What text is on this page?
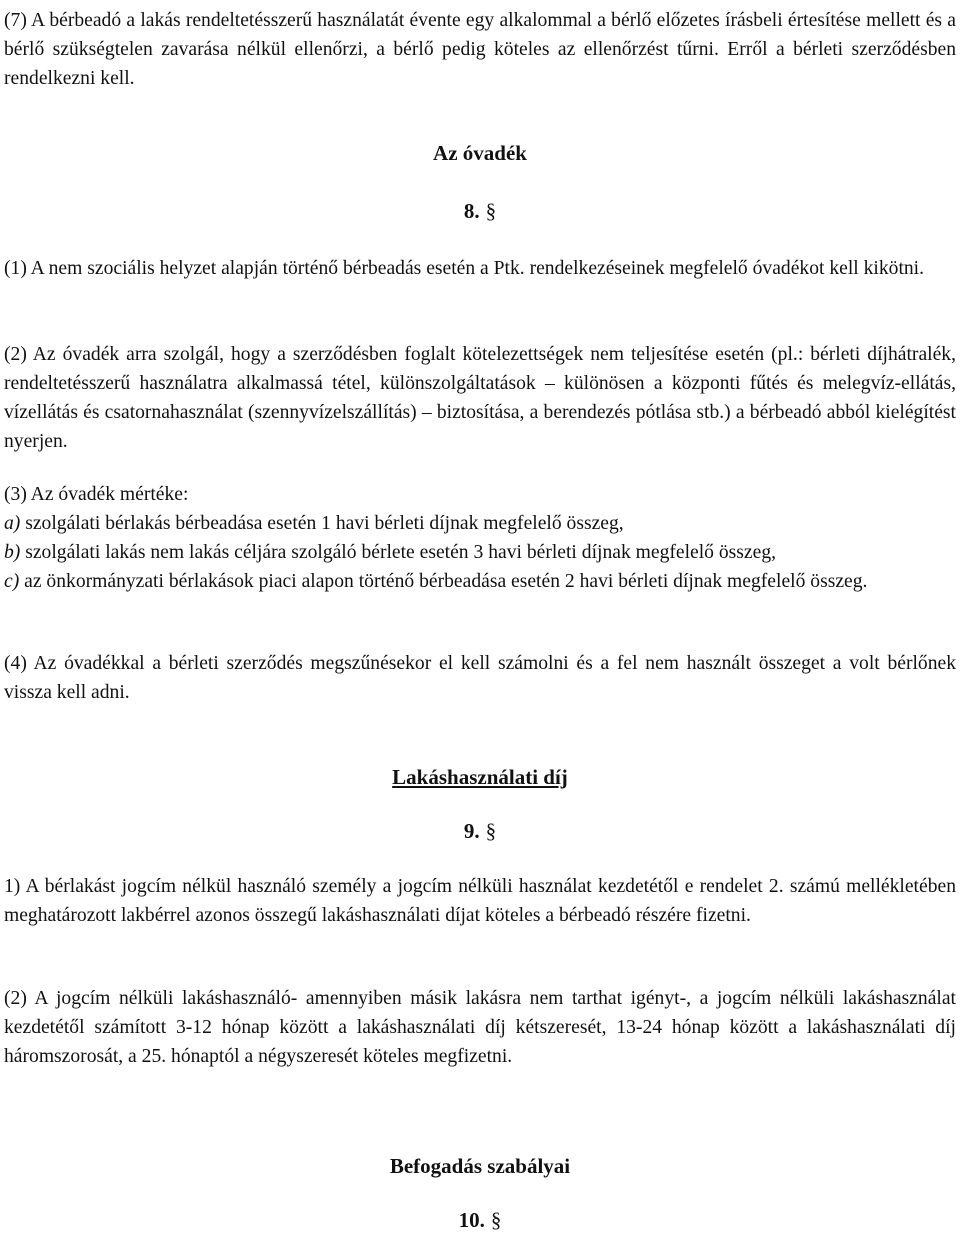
(7) A bérbeadó a lakás rendeltetésszerű használatát évente egy alkalommal a bérlő előzetes írásbeli értesítése mellett és a bérlő szükségtelen zavarása nélkül ellenőrzi, a bérlő pedig köteles az ellenőrzést tűrni. Erről a bérleti szerződésben rendelkezni kell.

Az óvadék
8. §

(1) A nem szociális helyzet alapján történő bérbeadás esetén a Ptk. rendelkezéseinek megfelelő óvadékot kell kikötni.

(2) Az óvadék arra szolgál, hogy a szerződésben foglalt kötelezettségek nem teljesítése esetén (pl.: bérleti díjhátralék, rendeltetésszerű használatra alkalmassá tétel, különszolgáltatások – különösen a központi fűtés és melegvíz-ellátás, vízellátás és csatornahasználat (szennyvízelszállítás) – biztosítása, a berendezés pótlása stb.) a bérbeadó abból kielégítést nyerjen.

(3) Az óvadék mértéke:

a) szolgálati bérlakás bérbeadása esetén 1 havi bérleti díjnak megfelelő összeg,

b) szolgálati lakás nem lakás céljára szolgáló bérlete esetén 3 havi bérleti díjnak megfelelő összeg,

c) az önkormányzati bérlakások piaci alapon történő bérbeadása esetén 2 havi bérleti díjnak megfelelő összeg.

(4) Az óvadékkal a bérleti szerződés megszűnésekor el kell számolni és a fel nem használt összeget a volt bérlőnek vissza kell adni.

Lakáshasználati díj
9. §

1) A bérlakást jogcím nélkül használó személy a jogcím nélküli használat kezdetétől e rendelet 2. számú mellékletében meghatározott lakbérrel azonos összegű lakáshasználati díjat köteles a bérbeadó részére fizetni.

(2) A jogcím nélküli lakáshasználó- amennyiben másik lakásra nem tarthat igényt-, a jogcím nélküli lakáshasználat kezdetétől számított 3-12 hónap között a lakáshasználati díj kétszeresét, 13-24 hónap között a lakáshasználati díj háromszorosát, a 25. hónaptól a négyszeresét köteles megfizetni.

Befogadás szabályai
10. §
